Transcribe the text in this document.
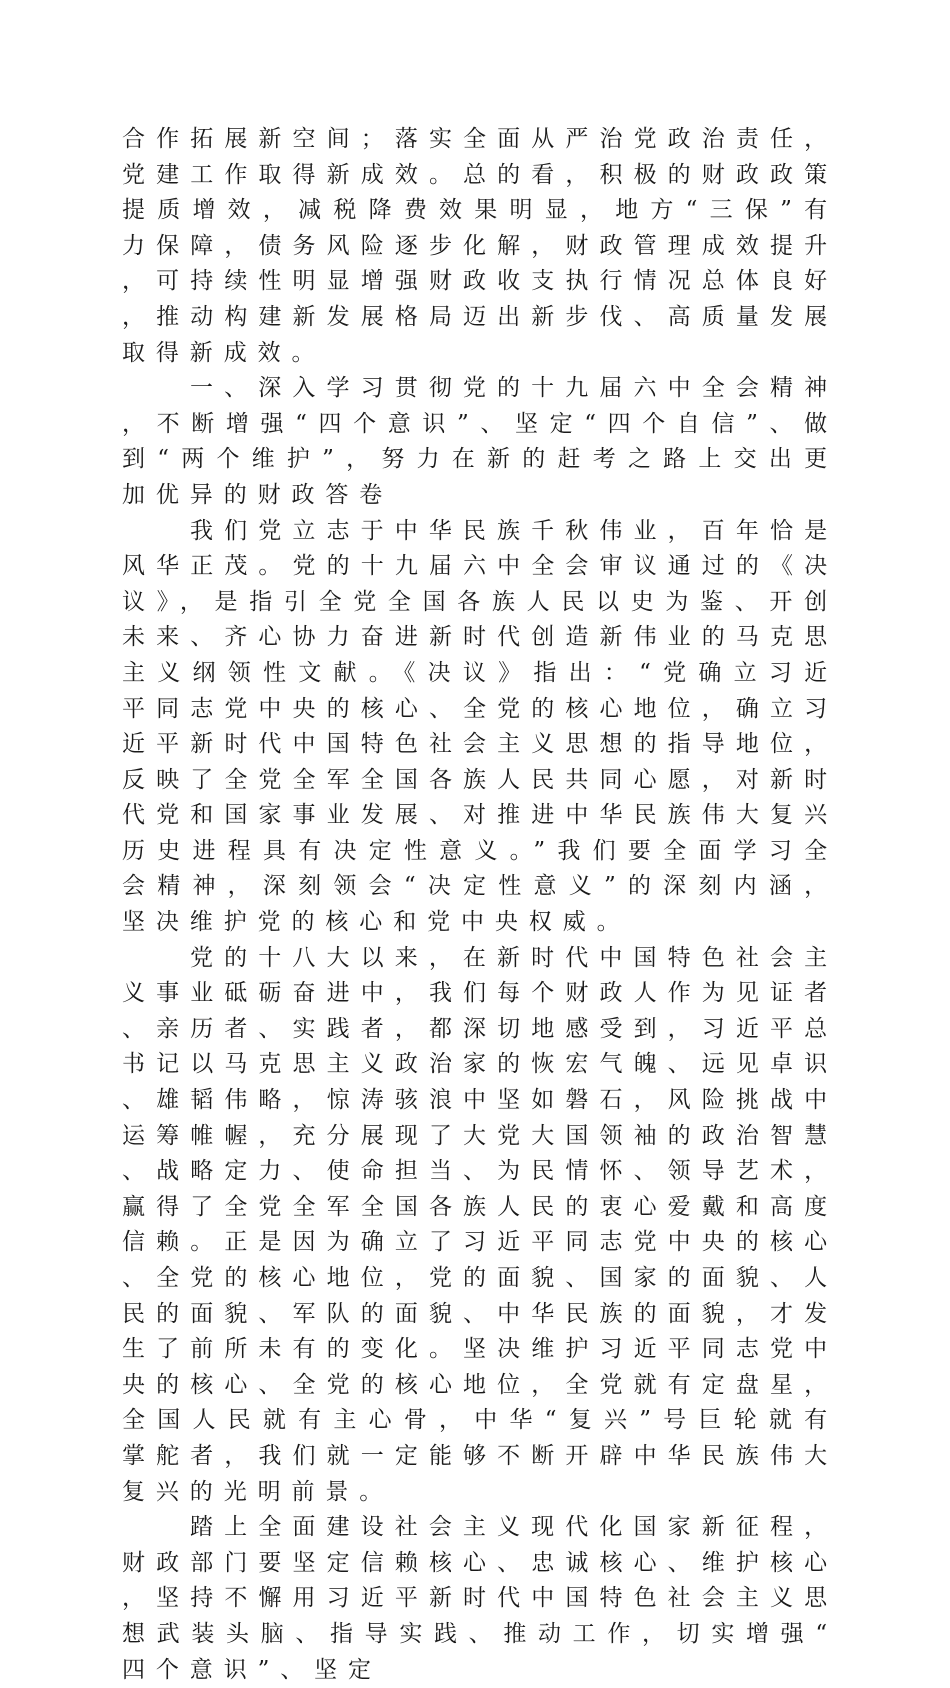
合作拓展新空间；落实全面从严治党政治责任，党建工作取得新成效。总的看，积极的财政政策提质增效，减税降费效果明显，地方“三保”有力保障，债务风险逐步化解，财政管理成效提升，可持续性明显增强财政收支执行情况总体良好，推动构建新发展格局迈出新步伐、高质量发展取得新成效。

一、深入学习贯彻党的十九届六中全会精神，不断增强“四个意识”、坚定“四个自信”、做到“两个维护”，努力在新的赶考之路上交出更加优异的财政答卷

我们党立志于中华民族千秋伟业，百年恰是风华正茂。党的十九届六中全会审议通过的《决议》，是指引全党全国各族人民以史为鉴、开创未来、齐心协力奋进新时代创造新伟业的马克思主义纲领性文献。《决议》指出：“党确立习近平同志党中央的核心、全党的核心地位，确立习近平新时代中国特色社会主义思想的指导地位，反映了全党全军全国各族人民共同心愿，对新时代党和国家事业发展、对推进中华民族伟大复兴历史进程具有决定性意义。”我们要全面学习全会精神，深刻领会“决定性意义”的深刻内涵，坚决维护党的核心和党中央权威。

党的十八大以来，在新时代中国特色社会主义事业砥砺奋进中，我们每个财政人作为见证者、亲历者、实践者，都深切地感受到，习近平总书记以马克思主义政治家的恢宏气魄、远见卓识、雄韬伟略，惊涛骇浪中坚如磐石，风险挑战中运筹帷幄，充分展现了大党大国领袖的政治智慧、战略定力、使命担当、为民情怀、领导艺术，赢得了全党全军全国各族人民的衷心爱戴和高度信赖。正是因为确立了习近平同志党中央的核心、全党的核心地位，党的面貌、国家的面貌、人民的面貌、军队的面貌、中华民族的面貌，才发生了前所未有的变化。坚决维护习近平同志党中央的核心、全党的核心地位，全党就有定盘星，全国人民就有主心骨，中华“复兴”号巨轮就有掌舵者，我们就一定能够不断开辟中华民族伟大复兴的光明前景。

踏上全面建设社会主义现代化国家新征程，财政部门要坚定信赖核心、忠诚核心、维护核心，坚持不懈用习近平新时代中国特色社会主义思想武装头脑、指导实践、推动工作，切实增强“四个意识”、坚定
